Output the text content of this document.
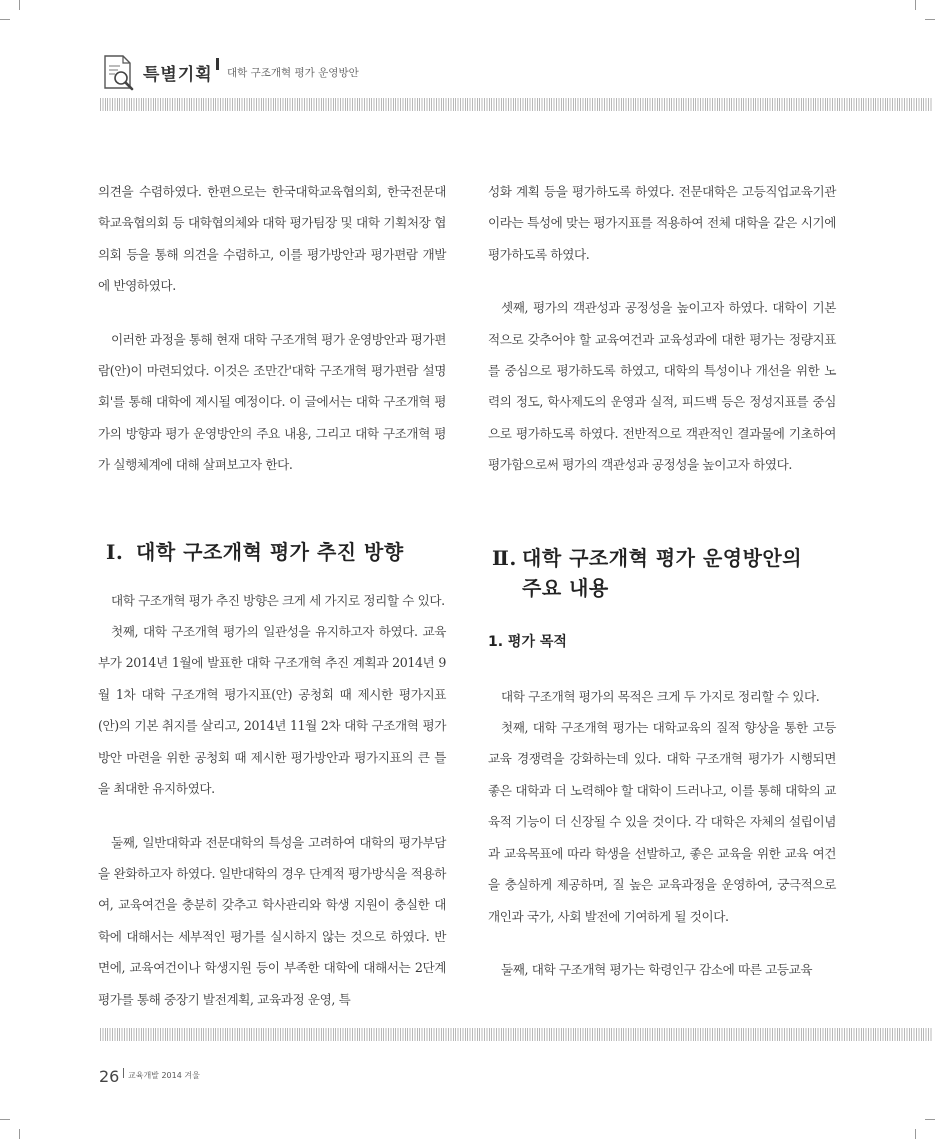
특별기획 대학 구조개혁 평가 운영방안

의견을 수렴하였다. 한편으로는 한국대학교육협의회, 한국전문대학교육협의회 등 대학협의체와 대학 평가팀장 및 대학 기획처장 협의회 등을 통해 의견을 수렴하고, 이를 평가방안과 평가편람 개발에 반영하였다.

이러한 과정을 통해 현재 대학 구조개혁 평가 운영방안과 평가편람(안)이 마련되었다. 이것은 조만간'대학 구조개혁 평가편람 설명회'를 통해 대학에 제시될 예정이다. 이 글에서는 대학 구조개혁 평가의 방향과 평가 운영방안의 주요 내용, 그리고 대학 구조개혁 평가 실행체계에 대해 살펴보고자 한다.

Ⅰ. 대학 구조개혁 평가 추진 방향

대학 구조개혁 평가 추진 방향은 크게 세 가지로 정리할 수 있다.

첫째, 대학 구조개혁 평가의 일관성을 유지하고자 하였다. 교육부가 2014년 1월에 발표한 대학 구조개혁 추진 계획과 2014년 9월 1차 대학 구조개혁 평가지표(안) 공청회 때 제시한 평가지표(안)의 기본 취지를 살리고, 2014년 11월 2차 대학 구조개혁 평가방안 마련을 위한 공청회 때 제시한 평가방안과 평가지표의 큰 틀을 최대한 유지하였다.

둘째, 일반대학과 전문대학의 특성을 고려하여 대학의 평가부담을 완화하고자 하였다. 일반대학의 경우 단계적 평가방식을 적용하여, 교육여건을 충분히 갖추고 학사관리와 학생 지원이 충실한 대학에 대해서는 세부적인 평가를 실시하지 않는 것으로 하였다. 반면에, 교육여건이나 학생지원 등이 부족한 대학에 대해서는 2단계 평가를 통해 중장기 발전계획, 교육과정 운영, 특

성화 계획 등을 평가하도록 하였다. 전문대학은 고등직업교육기관이라는 특성에 맞는 평가지표를 적용하여 전체 대학을 같은 시기에 평가하도록 하였다.

셋째, 평가의 객관성과 공정성을 높이고자 하였다. 대학이 기본적으로 갖추어야 할 교육여건과 교육성과에 대한 평가는 정량지표를 중심으로 평가하도록 하였고, 대학의 특성이나 개선을 위한 노력의 정도, 학사제도의 운영과 실적, 피드백 등은 정성지표를 중심으로 평가하도록 하였다. 전반적으로 객관적인 결과물에 기초하여 평가함으로써 평가의 객관성과 공정성을 높이고자 하였다.

Ⅱ. 대학 구조개혁 평가 운영방안의
주요 내용
1. 평가 목적

대학 구조개혁 평가의 목적은 크게 두 가지로 정리할 수 있다.

첫째, 대학 구조개혁 평가는 대학교육의 질적 향상을 통한 고등교육 경쟁력을 강화하는데 있다. 대학 구조개혁 평가가 시행되면 좋은 대학과 더 노력해야 할 대학이 드러나고, 이를 통해 대학의 교육적 기능이 더 신장될 수 있을 것이다. 각 대학은 자체의 설립이념과 교육목표에 따라 학생을 선발하고, 좋은 교육을 위한 교육 여건을 충실하게 제공하며, 질 높은 교육과정을 운영하여, 궁극적으로 개인과 국가, 사회 발전에 기여하게 될 것이다.

둘째, 대학 구조개혁 평가는 학령인구 감소에 따른 고등교육

26 교육개발 2014 겨울
